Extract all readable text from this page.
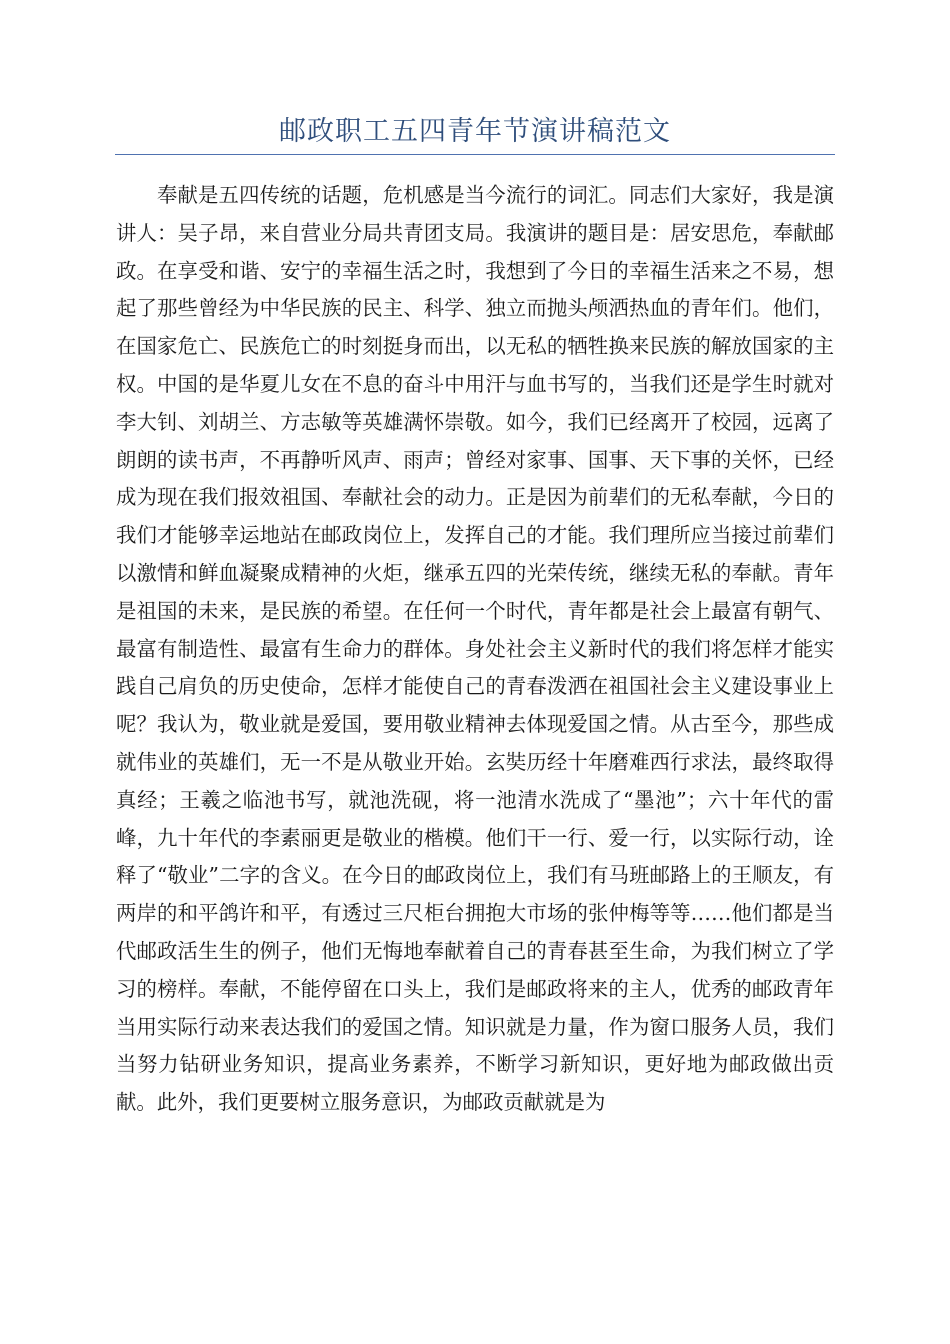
邮政职工五四青年节演讲稿范文

奉献是五四传统的话题，危机感是当今流行的词汇。同志们大家好，我是演讲人：吴子昂，来自营业分局共青团支局。我演讲的题目是：居安思危，奉献邮政。在享受和谐、安宁的幸福生活之时，我想到了今日的幸福生活来之不易，想起了那些曾经为中华民族的民主、科学、独立而抛头颅洒热血的青年们。他们，在国家危亡、民族危亡的时刻挺身而出，以无私的牺牲换来民族的解放国家的主权。中国的是华夏儿女在不息的奋斗中用汗与血书写的，当我们还是学生时就对李大钊、刘胡兰、方志敏等英雄满怀崇敬。如今，我们已经离开了校园，远离了朗朗的读书声，不再静听风声、雨声；曾经对家事、国事、天下事的关怀，已经成为现在我们报效祖国、奉献社会的动力。正是因为前辈们的无私奉献，今日的我们才能够幸运地站在邮政岗位上，发挥自己的才能。我们理所应当接过前辈们以激情和鲜血凝聚成精神的火炬，继承五四的光荣传统，继续无私的奉献。青年是祖国的未来，是民族的希望。在任何一个时代，青年都是社会上最富有朝气、最富有制造性、最富有生命力的群体。身处社会主义新时代的我们将怎样才能实践自己肩负的历史使命，怎样才能使自己的青春泼洒在祖国社会主义建设事业上呢？我认为，敬业就是爱国，要用敬业精神去体现爱国之情。从古至今，那些成就伟业的英雄们，无一不是从敬业开始。玄奘历经十年磨难西行求法，最终取得真经；王羲之临池书写，就池洗砚，将一池清水洗成了“墨池”；六十年代的雷峰，九十年代的李素丽更是敬业的楷模。他们干一行、爱一行，以实际行动，诠释了“敬业”二字的含义。在今日的邮政岗位上，我们有马班邮路上的王顺友，有两岸的和平鸽许和平，有透过三尺柜台拥抱大市场的张仲梅等等……他们都是当代邮政活生生的例子，他们无悔地奉献着自己的青春甚至生命，为我们树立了学习的榜样。奉献，不能停留在口头上，我们是邮政将来的主人，优秀的邮政青年当用实际行动来表达我们的爱国之情。知识就是力量，作为窗口服务人员，我们当努力钻研业务知识，提高业务素养，不断学习新知识，更好地为邮政做出贡献。此外，我们更要树立服务意识，为邮政贡献就是为
